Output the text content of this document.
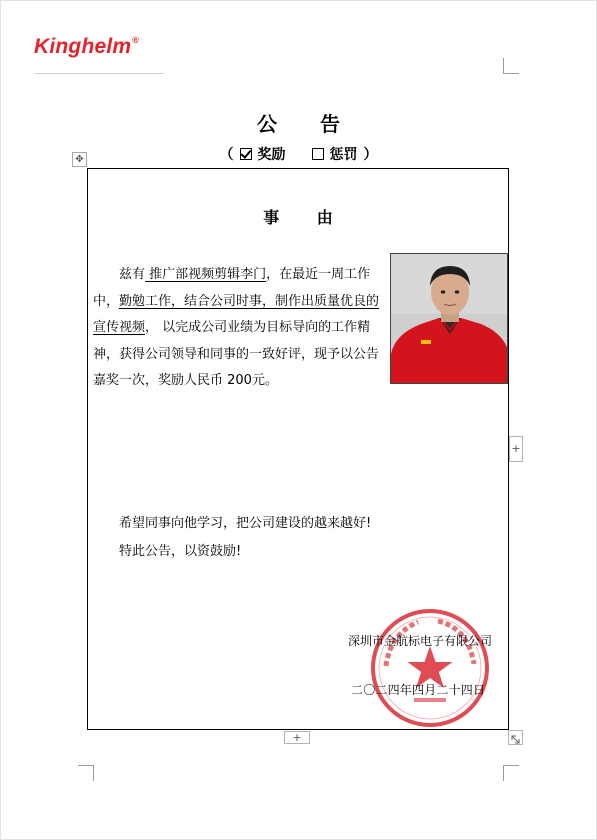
Kinghelm ®
公 告
（ 奖励	惩罚 ）
✥
事 由

兹有 推广部视频剪辑李门，在最近一周工作中，勤勉工作，结合公司时事，制作出质量优良的宣传视频， 以完成公司业绩为目标导向的工作精神，获得公司领导和同事的一致好评，现予以公告嘉奖一次，奖励人民币 200元。

希望同事向他学习，把公司建设的越来越好!
特此公告，以资鼓励!
深圳市金航标电子有限公司
二〇二四年四月二十四日
+
+
